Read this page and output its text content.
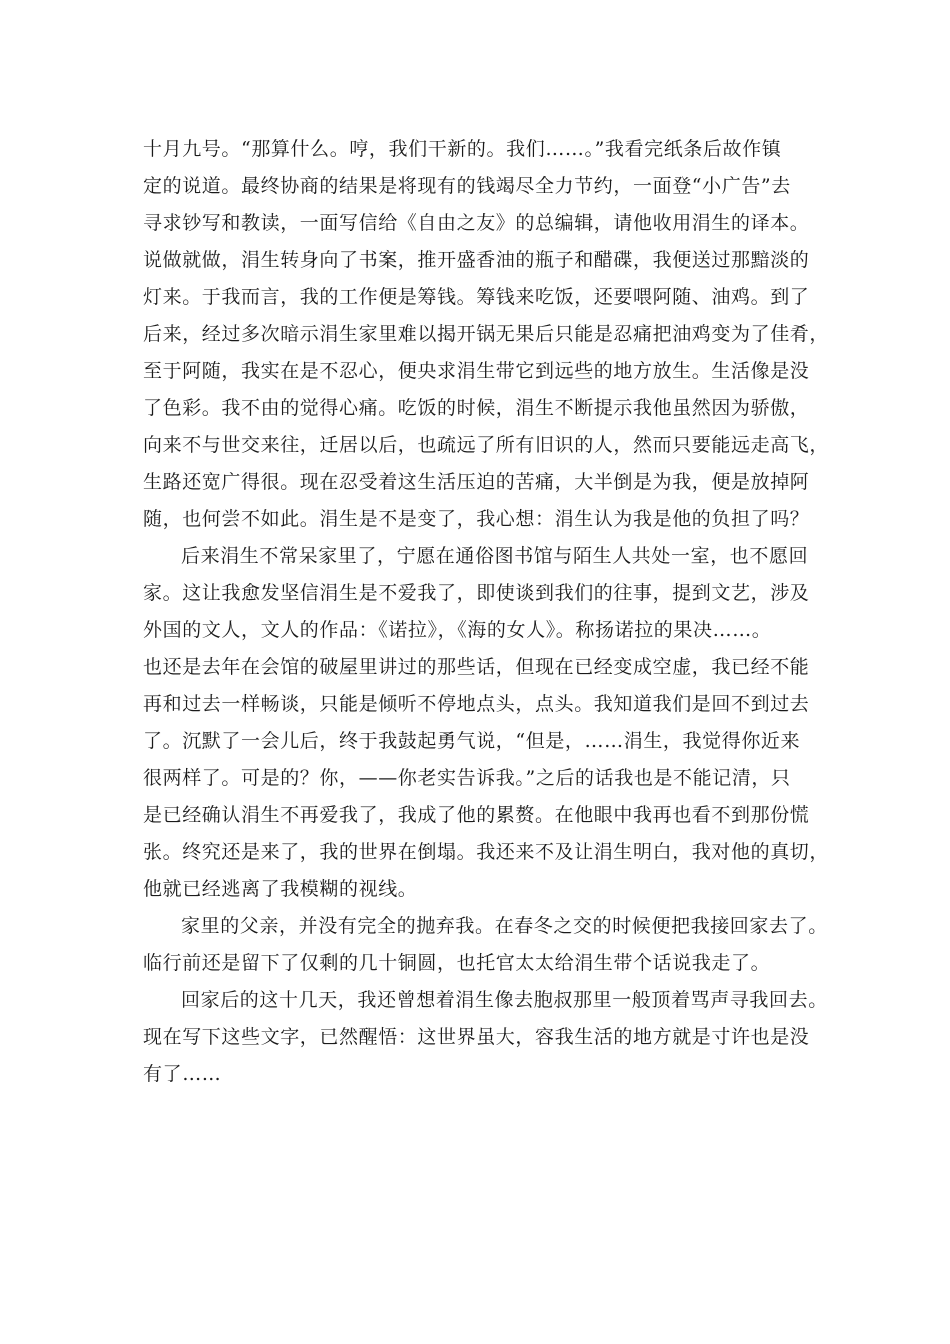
十月九号。“那算什么。哼，我们干新的。我们……。”我看完纸条后故作镇
定的说道。最终协商的结果是将现有的钱竭尽全力节约，一面登“小广告”去
寻求钞写和教读，一面写信给《自由之友》的总编辑，请他收用涓生的译本。
说做就做，涓生转身向了书案，推开盛香油的瓶子和醋碟，我便送过那黯淡的
灯来。于我而言，我的工作便是筹钱。筹钱来吃饭，还要喂阿随、油鸡。到了
后来，经过多次暗示涓生家里难以揭开锅无果后只能是忍痛把油鸡变为了佳肴，
至于阿随，我实在是不忍心，便央求涓生带它到远些的地方放生。生活像是没
了色彩。我不由的觉得心痛。吃饭的时候，涓生不断提示我他虽然因为骄傲，
向来不与世交来往，迁居以后，也疏远了所有旧识的人，然而只要能远走高飞，
生路还宽广得很。现在忍受着这生活压迫的苦痛，大半倒是为我，便是放掉阿
随，也何尝不如此。涓生是不是变了，我心想：涓生认为我是他的负担了吗？
后来涓生不常呆家里了，宁愿在通俗图书馆与陌生人共处一室，也不愿回
家。这让我愈发坚信涓生是不爱我了，即使谈到我们的往事，提到文艺，涉及
外国的文人，文人的作品：《诺拉》，《海的女人》。称扬诺拉的果决……。
也还是去年在会馆的破屋里讲过的那些话，但现在已经变成空虚，我已经不能
再和过去一样畅谈，只能是倾听不停地点头，点头。我知道我们是回不到过去
了。沉默了一会儿后，终于我鼓起勇气说，“但是，……涓生，我觉得你近来
很两样了。可是的？你，——你老实告诉我。”之后的话我也是不能记清，只
是已经确认涓生不再爱我了，我成了他的累赘。在他眼中我再也看不到那份慌
张。终究还是来了，我的世界在倒塌。我还来不及让涓生明白，我对他的真切，
他就已经逃离了我模糊的视线。
家里的父亲，并没有完全的抛弃我。在春冬之交的时候便把我接回家去了。
临行前还是留下了仅剩的几十铜圆，也托官太太给涓生带个话说我走了。
回家后的这十几天，我还曾想着涓生像去胞叔那里一般顶着骂声寻我回去。
现在写下这些文字，已然醒悟：这世界虽大，容我生活的地方就是寸许也是没
有了……
